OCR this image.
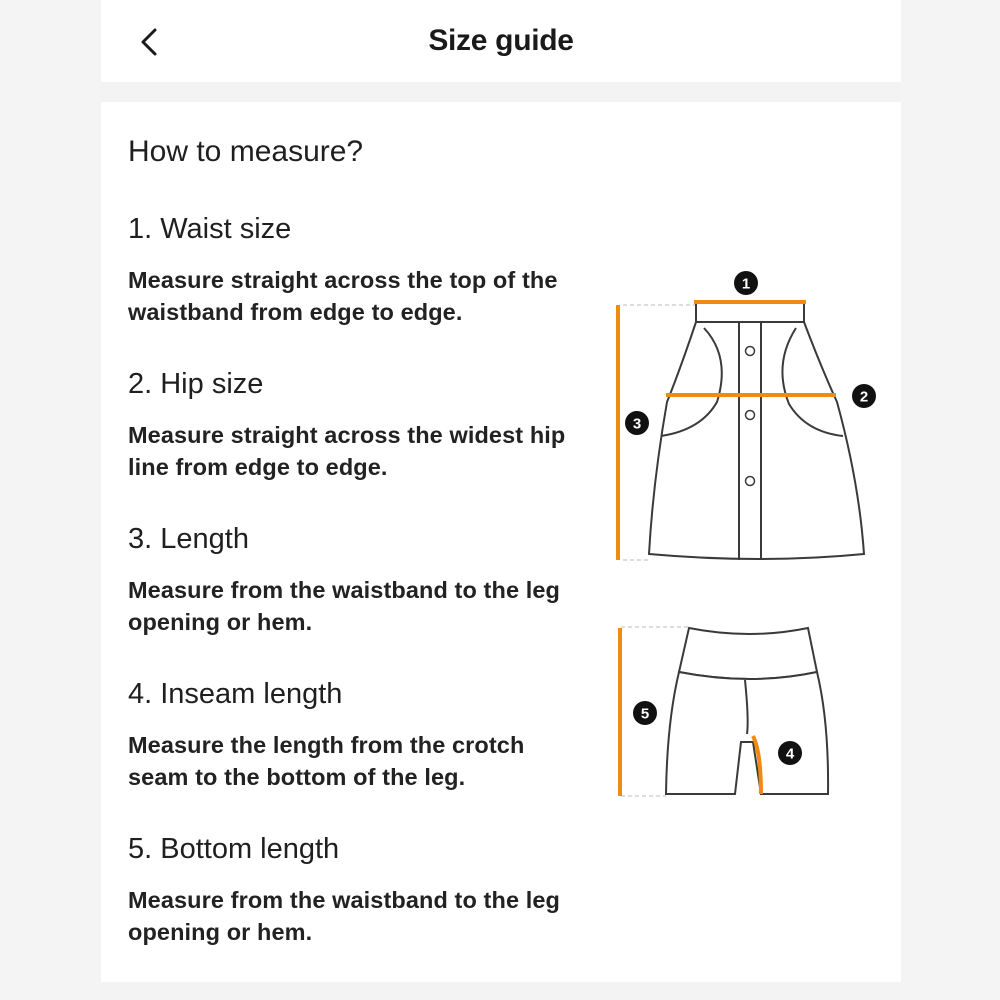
Size guide
How to measure?
1. Waist size

Measure straight across the top of the waistband from edge to edge.

2. Hip size

Measure straight across the widest hip line from edge to edge.

3. Length

Measure from the waistband to the leg opening or hem.

4. Inseam length

Measure the length from the crotch seam to the bottom of the leg.

5. Bottom length

Measure from the waistband to the leg opening or hem.

1
2
3
4
5
